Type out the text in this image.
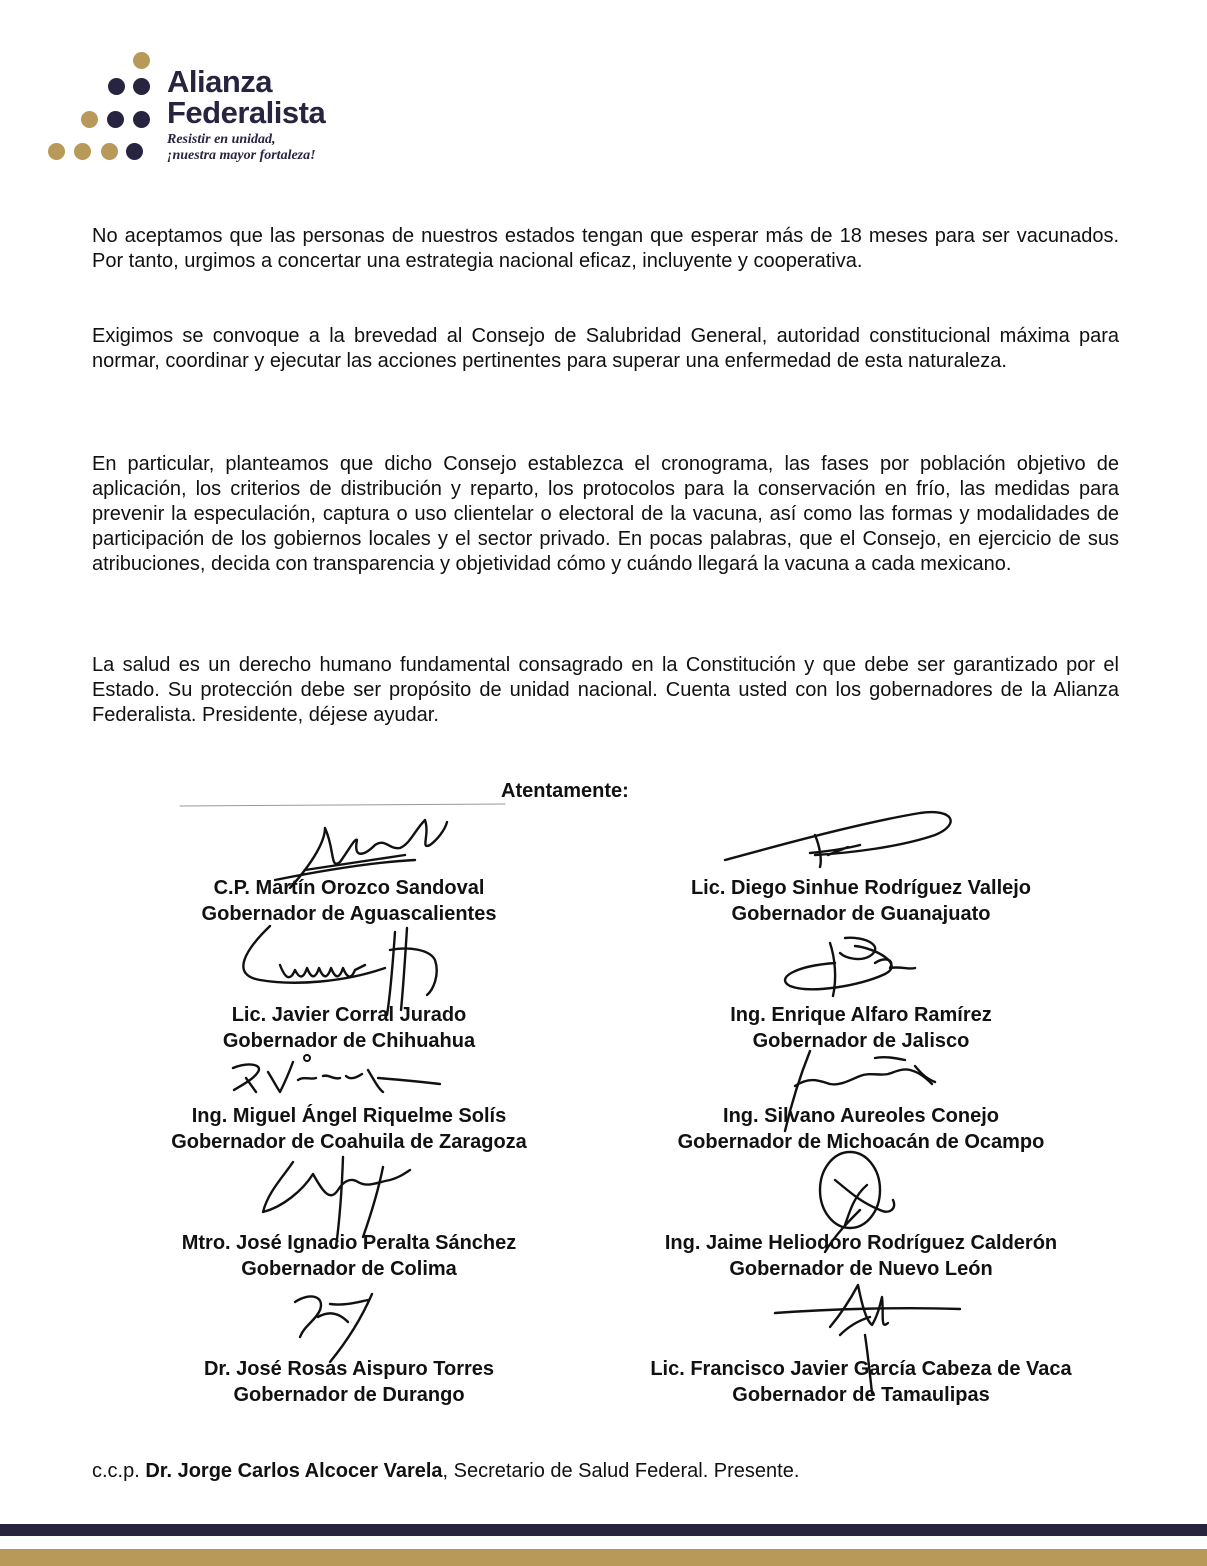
Alianza
Federalista
Resistir en unidad,
¡nuestra mayor fortaleza!

No aceptamos que las personas de nuestros estados tengan que esperar más de 18 meses para ser vacunados. Por tanto, urgimos a concertar una estrategia nacional eficaz, incluyente y cooperativa.

Exigimos se convoque a la brevedad al Consejo de Salubridad General, autoridad constitucional máxima para normar, coordinar y ejecutar las acciones pertinentes para superar una enfermedad de esta naturaleza.

En particular, planteamos que dicho Consejo establezca el cronograma, las fases por población objetivo de aplicación, los criterios de distribución y reparto, los protocolos para la conservación en frío, las medidas para prevenir la especulación, captura o uso clientelar o electoral de la vacuna, así como las formas y modalidades de participación de los gobiernos locales y el sector privado. En pocas palabras, que el Consejo, en ejercicio de sus atribuciones, decida con transparencia y objetividad cómo y cuándo llegará la vacuna a cada mexicano.

La salud es un derecho humano fundamental consagrado en la Constitución y que debe ser garantizado por el Estado. Su protección debe ser propósito de unidad nacional. Cuenta usted con los gobernadores de la Alianza Federalista. Presidente, déjese ayudar.

Atentamente:
C.P. Martín Orozco Sandoval
Gobernador de Aguascalientes
Lic. Diego Sinhue Rodríguez Vallejo
Gobernador de Guanajuato
Lic. Javier Corral Jurado
Gobernador de Chihuahua
Ing. Enrique Alfaro Ramírez
Gobernador de Jalisco
Ing. Miguel Ángel Riquelme Solís
Gobernador de Coahuila de Zaragoza
Ing. Silvano Aureoles Conejo
Gobernador de Michoacán de Ocampo
Mtro. José Ignacio Peralta Sánchez
Gobernador de Colima
Ing. Jaime Heliodoro Rodríguez Calderón
Gobernador de Nuevo León
Dr. José Rosas Aispuro Torres
Gobernador de Durango
Lic. Francisco Javier García Cabeza de Vaca
Gobernador de Tamaulipas
c.c.p. Dr. Jorge Carlos Alcocer Varela, Secretario de Salud Federal. Presente.
